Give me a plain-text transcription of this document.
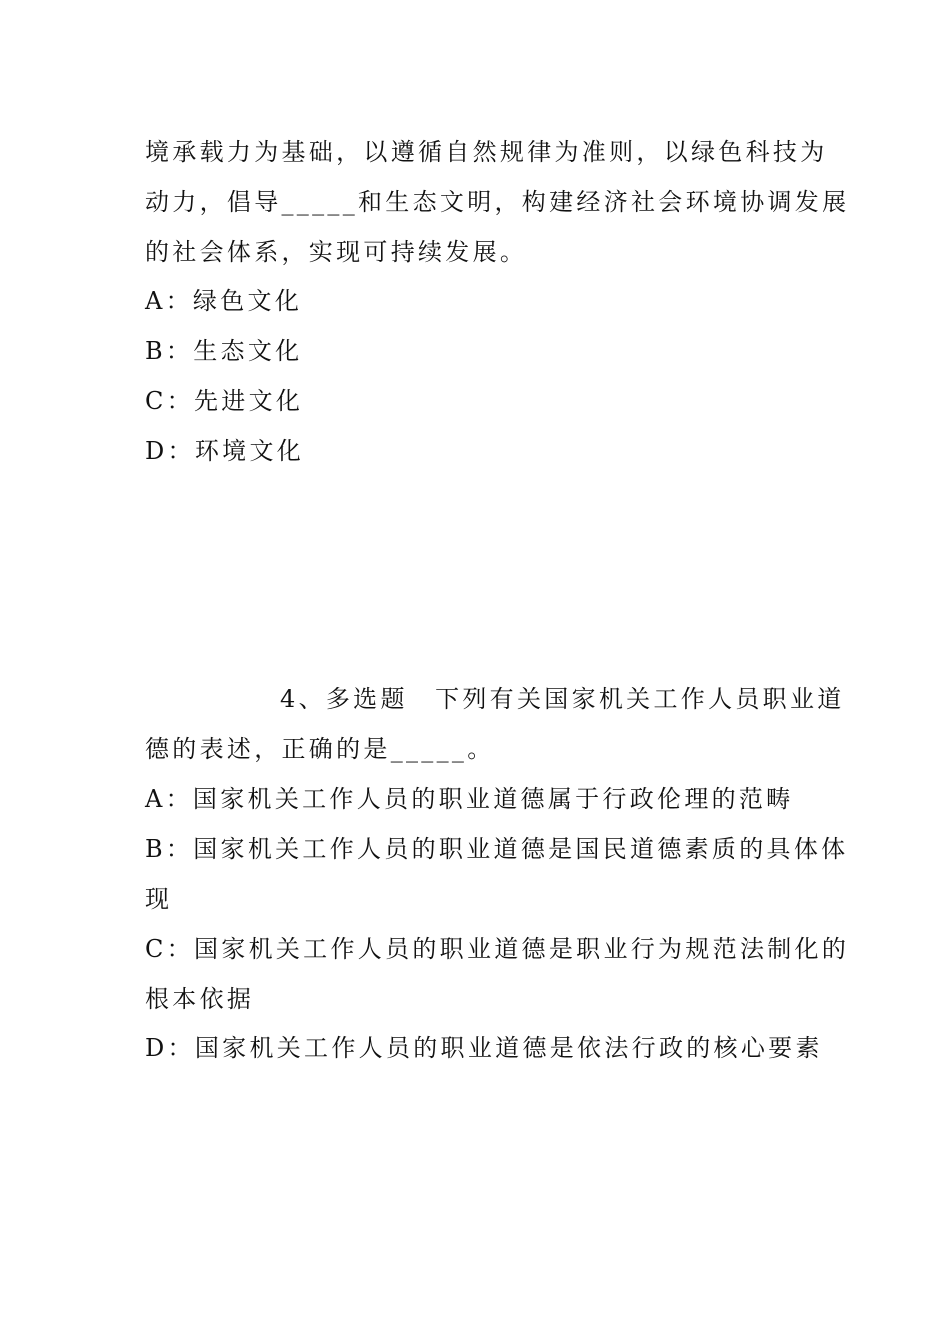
境承载力为基础，以遵循自然规律为准则，以绿色科技为
动力，倡导_____和生态文明，构建经济社会环境协调发展
的社会体系，实现可持续发展。
A：绿色文化
B：生态文化
C：先进文化
D：环境文化
4、多选题　下列有关国家机关工作人员职业道
德的表述，正确的是_____。
A：国家机关工作人员的职业道德属于行政伦理的范畴
B：国家机关工作人员的职业道德是国民道德素质的具体体
现
C：国家机关工作人员的职业道德是职业行为规范法制化的
根本依据
D：国家机关工作人员的职业道德是依法行政的核心要素
